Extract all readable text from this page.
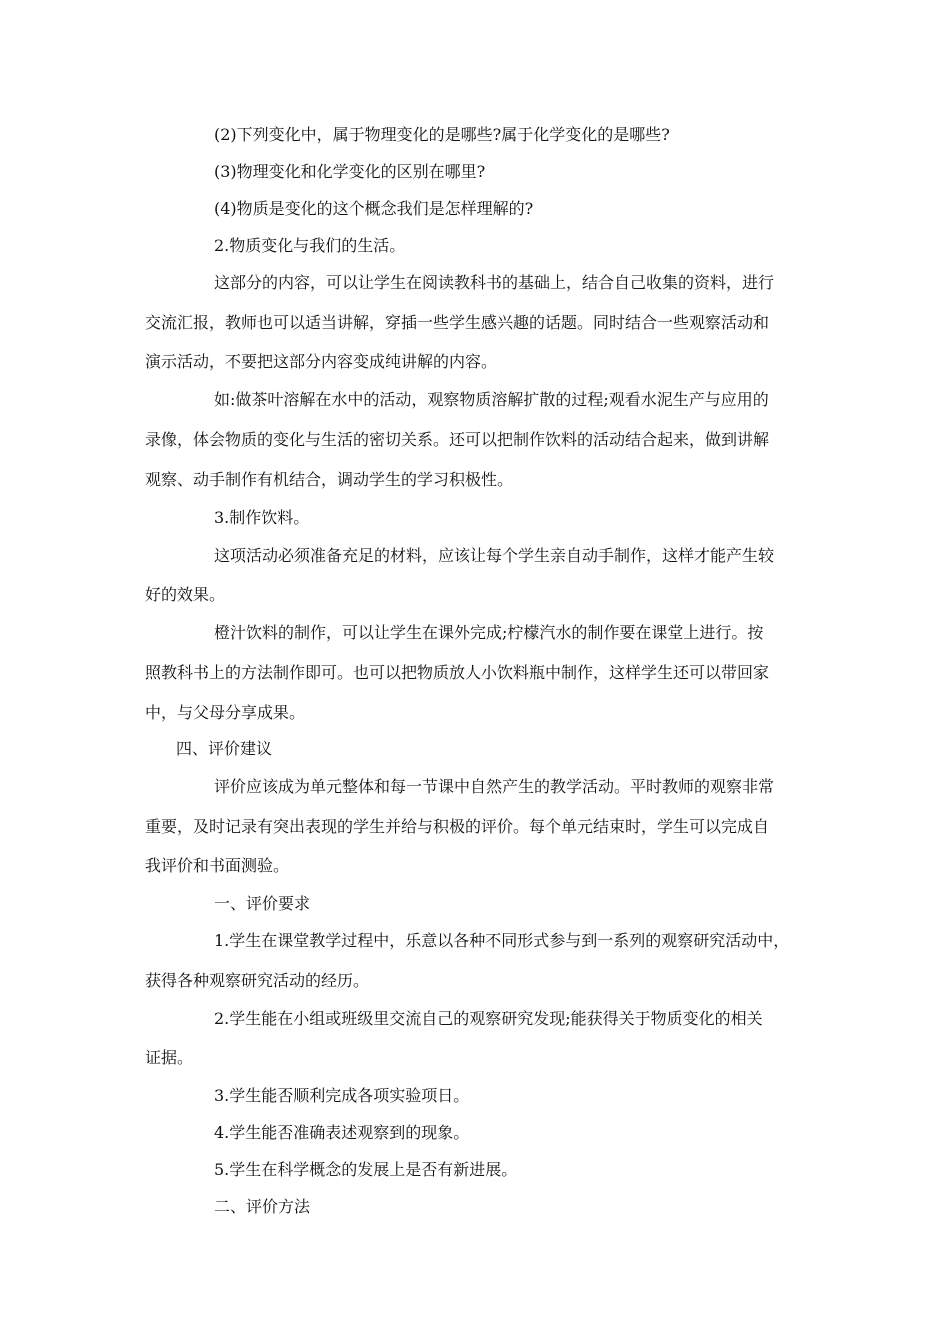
(2)下列变化中，属于物理变化的是哪些?属于化学变化的是哪些?
(3)物理变化和化学变化的区别在哪里?
(4)物质是变化的这个概念我们是怎样理解的?
2.物质变化与我们的生活。
这部分的内容，可以让学生在阅读教科书的基础上，结合自己收集的资料，进行
交流汇报，教师也可以适当讲解，穿插一些学生感兴趣的话题。同时结合一些观察活动和
演示活动，不要把这部分内容变成纯讲解的内容。
如:做茶叶溶解在水中的活动，观察物质溶解扩散的过程;观看水泥生产与应用的
录像，体会物质的变化与生活的密切关系。还可以把制作饮料的活动结合起来，做到讲解
观察、动手制作有机结合，调动学生的学习积极性。
3.制作饮料。
这项活动必须准备充足的材料，应该让每个学生亲自动手制作，这样才能产生较
好的效果。
橙汁饮料的制作，可以让学生在课外完成;柠檬汽水的制作要在课堂上进行。按
照教科书上的方法制作即可。也可以把物质放人小饮料瓶中制作，这样学生还可以带回家
中，与父母分享成果。
四、评价建议
评价应该成为单元整体和每一节课中自然产生的教学活动。平时教师的观察非常
重要，及时记录有突出表现的学生并给与积极的评价。每个单元结束时，学生可以完成自
我评价和书面测验。
一、评价要求
1.学生在课堂教学过程中，乐意以各种不同形式参与到一系列的观察研究活动中，
获得各种观察研究活动的经历。
2.学生能在小组或班级里交流自己的观察研究发现;能获得关于物质变化的相关
证据。
3.学生能否顺利完成各项实验项日。
4.学生能否准确表述观察到的现象。
5.学生在科学概念的发展上是否有新进展。
二、评价方法
